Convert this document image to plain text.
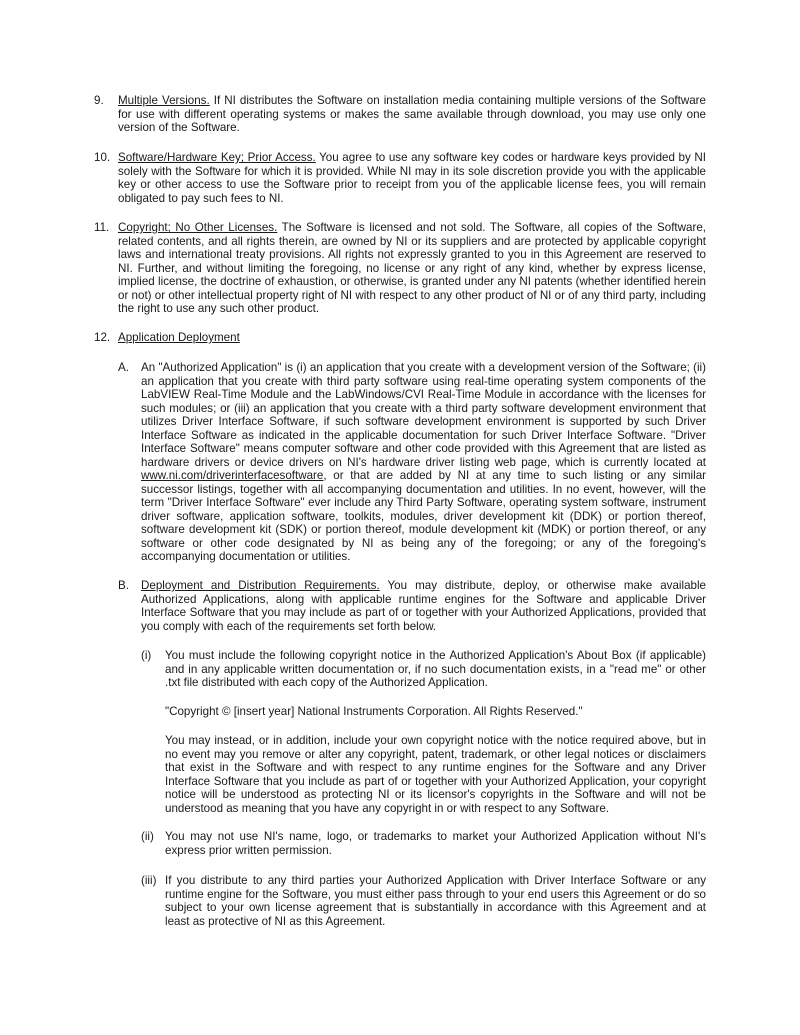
9. Multiple Versions. If NI distributes the Software on installation media containing multiple versions of the Software for use with different operating systems or makes the same available through download, you may use only one version of the Software.

10. Software/Hardware Key; Prior Access. You agree to use any software key codes or hardware keys provided by NI solely with the Software for which it is provided. While NI may in its sole discretion provide you with the applicable key or other access to use the Software prior to receipt from you of the applicable license fees, you will remain obligated to pay such fees to NI.

11. Copyright; No Other Licenses. The Software is licensed and not sold. The Software, all copies of the Software, related contents, and all rights therein, are owned by NI or its suppliers and are protected by applicable copyright laws and international treaty provisions. All rights not expressly granted to you in this Agreement are reserved to NI. Further, and without limiting the foregoing, no license or any right of any kind, whether by express license, implied license, the doctrine of exhaustion, or otherwise, is granted under any NI patents (whether identified herein or not) or other intellectual property right of NI with respect to any other product of NI or of any third party, including the right to use any such other product.

12. Application Deployment

A. An "Authorized Application" is (i) an application that you create with a development version of the Software; (ii) an application that you create with third party software using real-time operating system components of the LabVIEW Real-Time Module and the LabWindows/CVI Real-Time Module in accordance with the licenses for such modules; or (iii) an application that you create with a third party software development environment that utilizes Driver Interface Software, if such software development environment is supported by such Driver Interface Software as indicated in the applicable documentation for such Driver Interface Software. "Driver Interface Software" means computer software and other code provided with this Agreement that are listed as hardware drivers or device drivers on NI's hardware driver listing web page, which is currently located at www.ni.com/driverinterfacesoftware, or that are added by NI at any time to such listing or any similar successor listings, together with all accompanying documentation and utilities. In no event, however, will the term "Driver Interface Software" ever include any Third Party Software, operating system software, instrument driver software, application software, toolkits, modules, driver development kit (DDK) or portion thereof, software development kit (SDK) or portion thereof, module development kit (MDK) or portion thereof, or any software or other code designated by NI as being any of the foregoing; or any of the foregoing's accompanying documentation or utilities.

B. Deployment and Distribution Requirements. You may distribute, deploy, or otherwise make available Authorized Applications, along with applicable runtime engines for the Software and applicable Driver Interface Software that you may include as part of or together with your Authorized Applications, provided that you comply with each of the requirements set forth below.

(i) You must include the following copyright notice in the Authorized Application's About Box (if applicable) and in any applicable written documentation or, if no such documentation exists, in a "read me" or other .txt file distributed with each copy of the Authorized Application.

"Copyright © [insert year] National Instruments Corporation. All Rights Reserved."

You may instead, or in addition, include your own copyright notice with the notice required above, but in no event may you remove or alter any copyright, patent, trademark, or other legal notices or disclaimers that exist in the Software and with respect to any runtime engines for the Software and any Driver Interface Software that you include as part of or together with your Authorized Application, your copyright notice will be understood as protecting NI or its licensor's copyrights in the Software and will not be understood as meaning that you have any copyright in or with respect to any Software.

(ii) You may not use NI's name, logo, or trademarks to market your Authorized Application without NI's express prior written permission.

(iii) If you distribute to any third parties your Authorized Application with Driver Interface Software or any runtime engine for the Software, you must either pass through to your end users this Agreement or do so subject to your own license agreement that is substantially in accordance with this Agreement and at least as protective of NI as this Agreement.
